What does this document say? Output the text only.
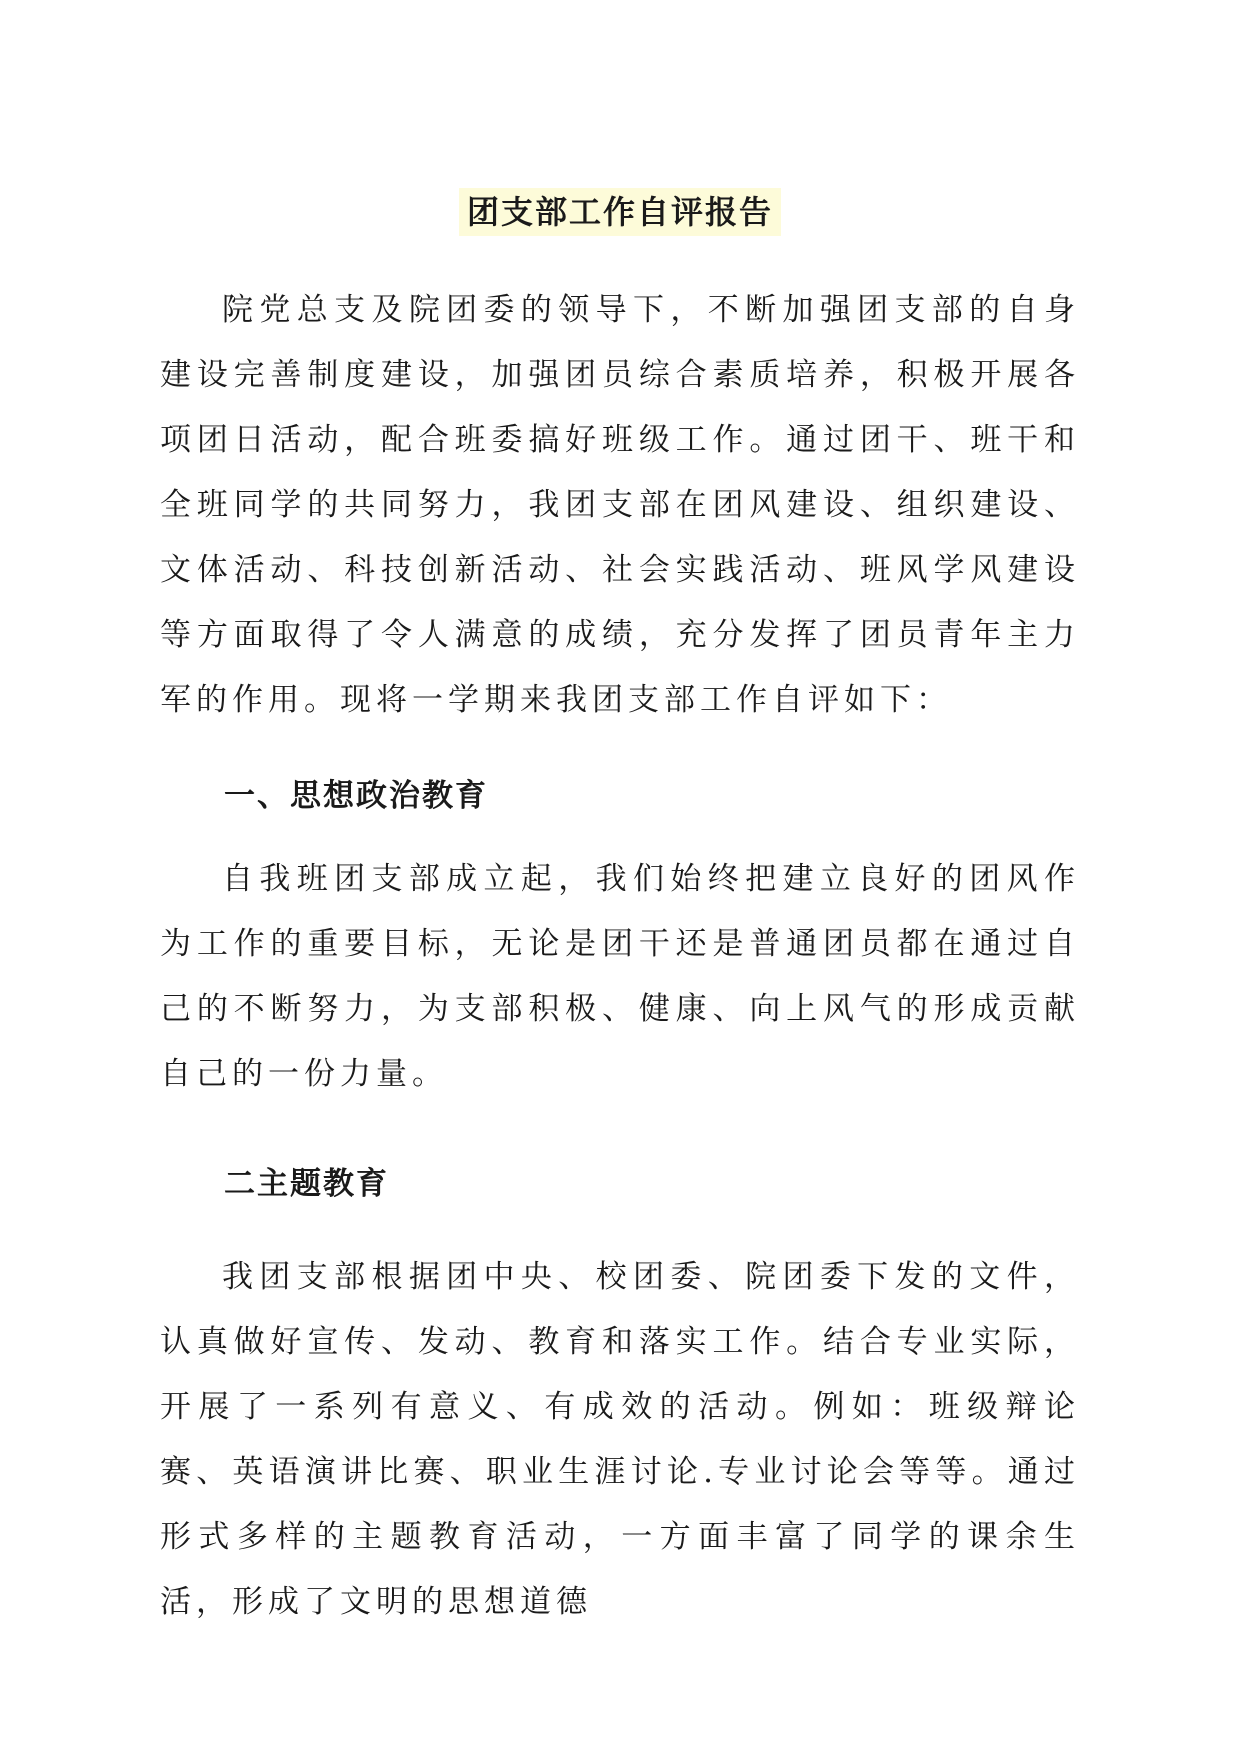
团支部工作自评报告

院党总支及院团委的领导下，不断加强团支部的自身建设完善制度建设，加强团员综合素质培养，积极开展各项团日活动，配合班委搞好班级工作。通过团干、班干和全班同学的共同努力，我团支部在团风建设、组织建设、文体活动、科技创新活动、社会实践活动、班风学风建设等方面取得了令人满意的成绩，充分发挥了团员青年主力军的作用。现将一学期来我团支部工作自评如下：

一、思想政治教育

自我班团支部成立起，我们始终把建立良好的团风作为工作的重要目标，无论是团干还是普通团员都在通过自己的不断努力，为支部积极、健康、向上风气的形成贡献自己的一份力量。

二主题教育

我团支部根据团中央、校团委、院团委下发的文件，认真做好宣传、发动、教育和落实工作。结合专业实际，开展了一系列有意义、有成效的活动。例如：班级辩论赛、英语演讲比赛、职业生涯讨论.专业讨论会等等。通过形式多样的主题教育活动，一方面丰富了同学的课余生活，形成了文明的思想道德
